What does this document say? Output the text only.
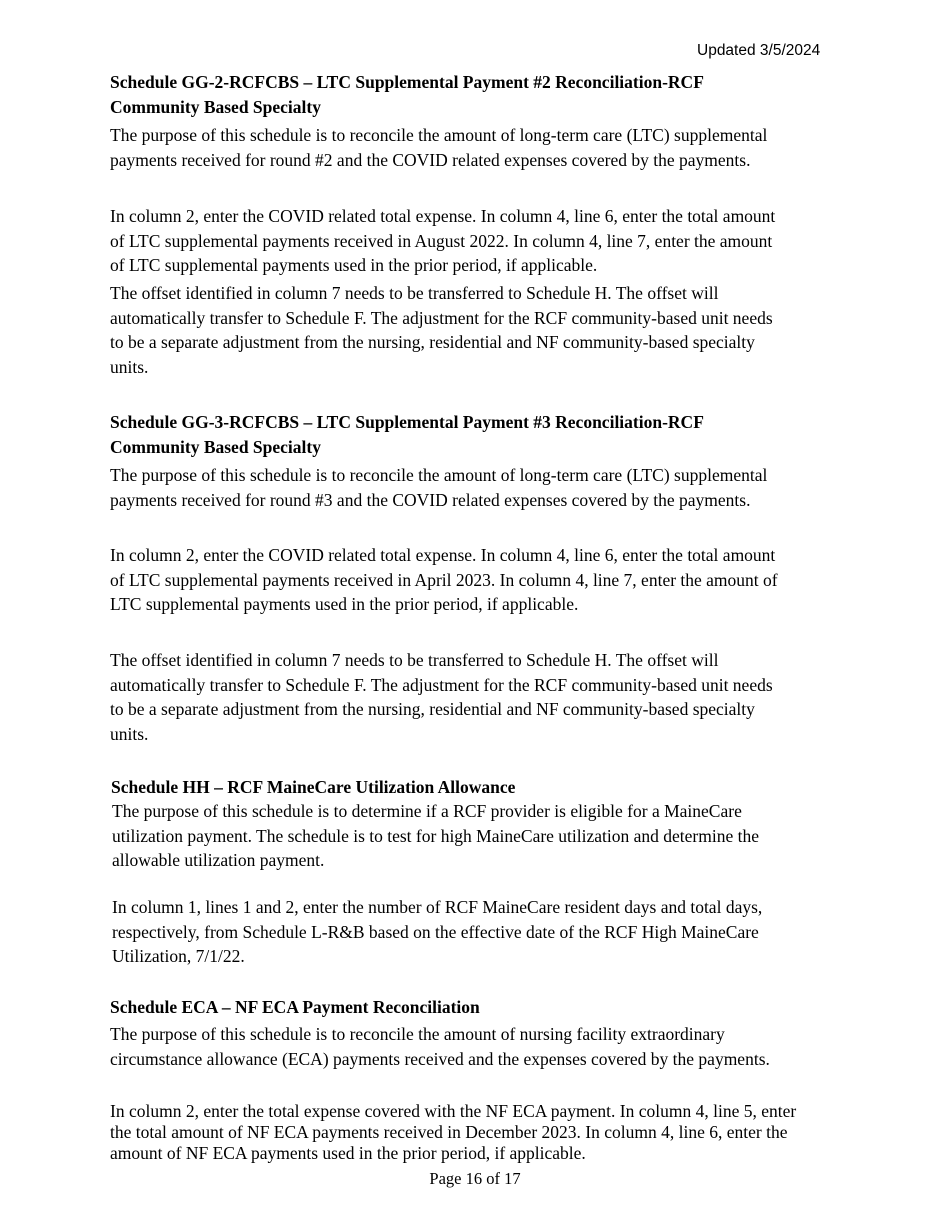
Updated 3/5/2024
Schedule GG-2-RCFCBS – LTC Supplemental Payment #2 Reconciliation-RCF
Community Based Specialty
The purpose of this schedule is to reconcile the amount of long-term care (LTC) supplemental
payments received for round #2 and the COVID related expenses covered by the payments.
In column 2, enter the COVID related total expense. In column 4, line 6, enter the total amount
of LTC supplemental payments received in August 2022. In column 4, line 7, enter the amount
of LTC supplemental payments used in the prior period, if applicable.
The offset identified in column 7 needs to be transferred to Schedule H. The offset will
automatically transfer to Schedule F. The adjustment for the RCF community-based unit needs
to be a separate adjustment from the nursing, residential and NF community-based specialty
units.
Schedule GG-3-RCFCBS – LTC Supplemental Payment #3 Reconciliation-RCF
Community Based Specialty
The purpose of this schedule is to reconcile the amount of long-term care (LTC) supplemental
payments received for round #3 and the COVID related expenses covered by the payments.
In column 2, enter the COVID related total expense. In column 4, line 6, enter the total amount
of LTC supplemental payments received in April 2023. In column 4, line 7, enter the amount of
LTC supplemental payments used in the prior period, if applicable.
The offset identified in column 7 needs to be transferred to Schedule H. The offset will
automatically transfer to Schedule F. The adjustment for the RCF community-based unit needs
to be a separate adjustment from the nursing, residential and NF community-based specialty
units.
Schedule HH – RCF MaineCare Utilization Allowance
The purpose of this schedule is to determine if a RCF provider is eligible for a MaineCare
utilization payment. The schedule is to test for high MaineCare utilization and determine the
allowable utilization payment.
In column 1, lines 1 and 2, enter the number of RCF MaineCare resident days and total days,
respectively, from Schedule L-R&B based on the effective date of the RCF High MaineCare
Utilization, 7/1/22.
Schedule ECA – NF ECA Payment Reconciliation
The purpose of this schedule is to reconcile the amount of nursing facility extraordinary
circumstance allowance (ECA) payments received and the expenses covered by the payments.
In column 2, enter the total expense covered with the NF ECA payment. In column 4, line 5, enter
the total amount of NF ECA payments received in December 2023. In column 4, line 6, enter the
amount of NF ECA payments used in the prior period, if applicable.
Page 16 of 17
